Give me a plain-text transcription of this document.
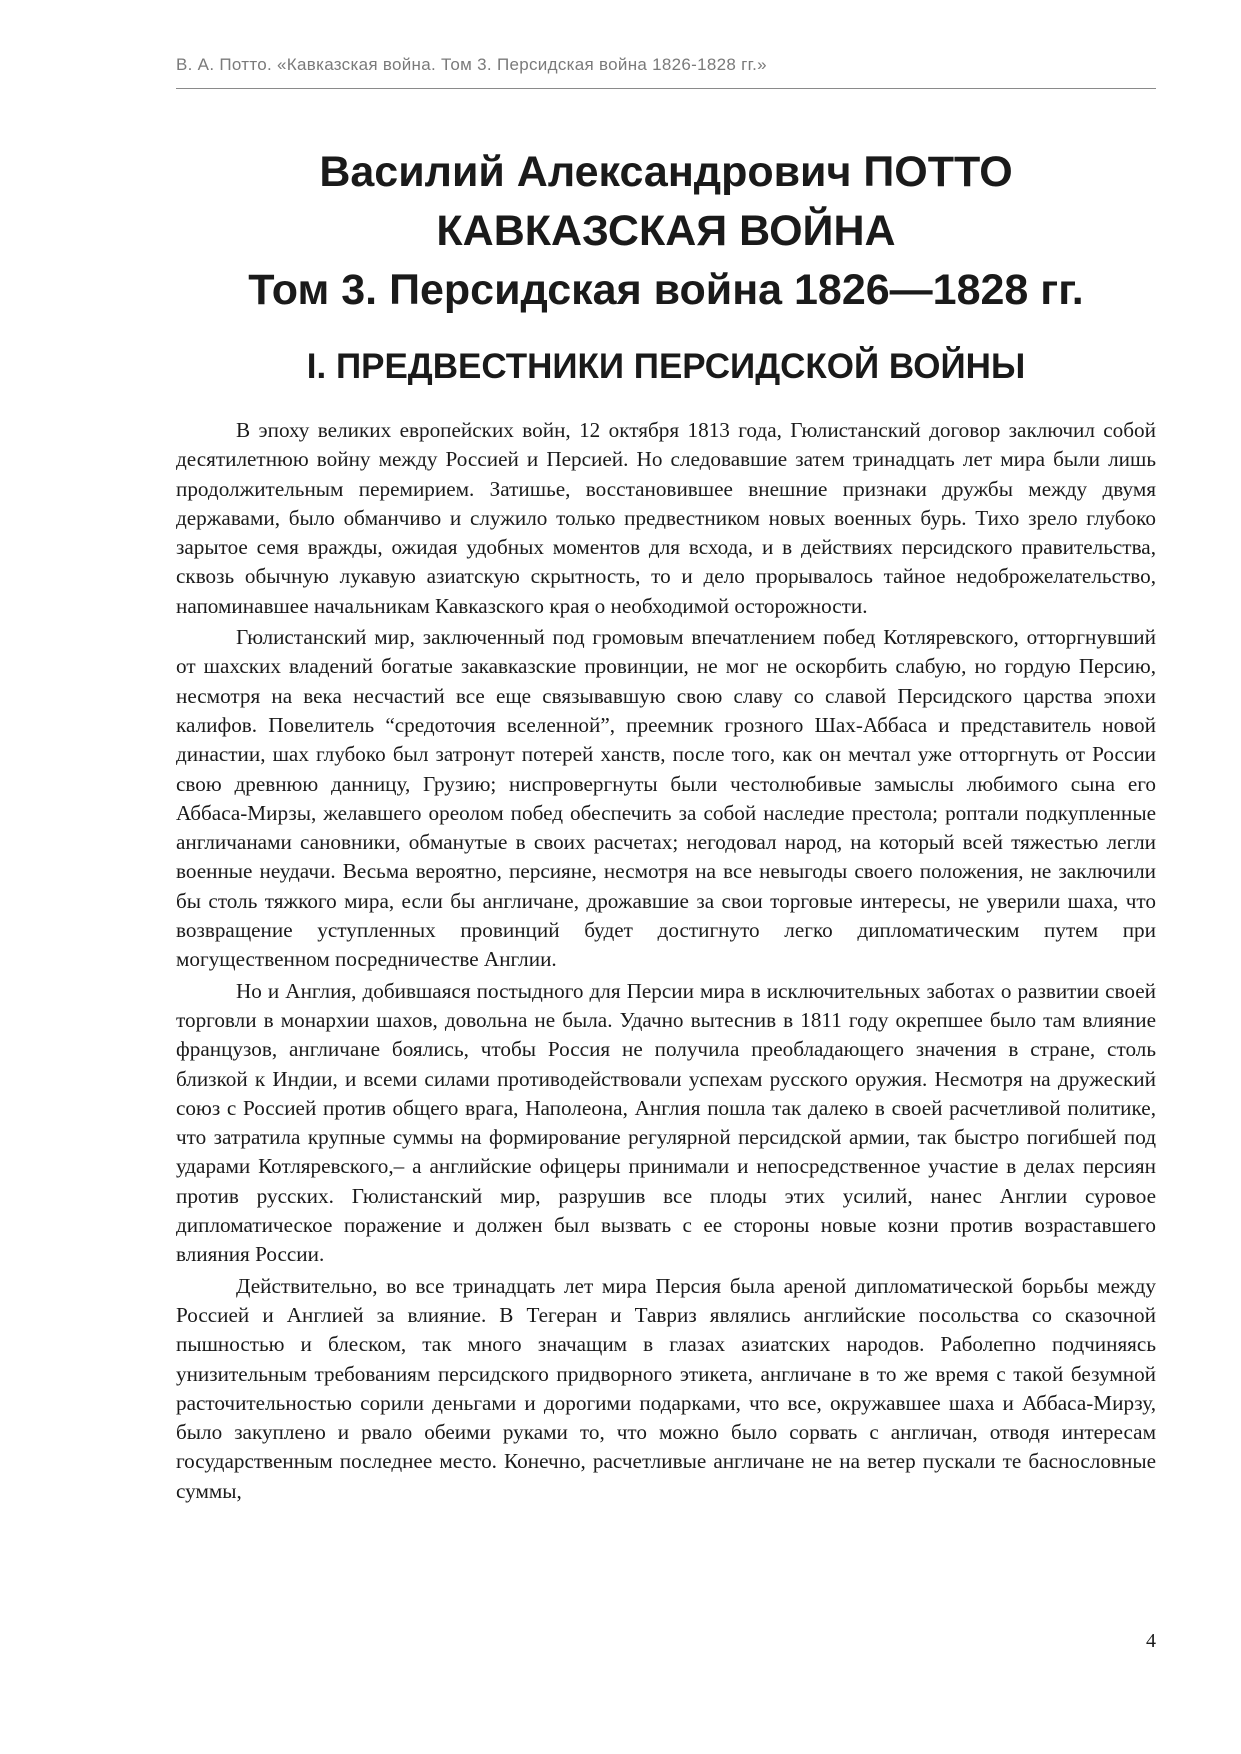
В. А. Потто. «Кавказская война. Том 3. Персидская война 1826-1828 гг.»
Василий Александрович ПОТТО
КАВКАЗСКАЯ ВОЙНА
Том 3. Персидская война 1826—1828 гг.
I. ПРЕДВЕСТНИКИ ПЕРСИДСКОЙ ВОЙНЫ

В эпоху великих европейских войн, 12 октября 1813 года, Гюлистанский договор заключил собой десятилетнюю войну между Россией и Персией. Но следовавшие затем тринадцать лет мира были лишь продолжительным перемирием. Затишье, восстановившее внешние признаки дружбы между двумя державами, было обманчиво и служило только предвестником новых военных бурь. Тихо зрело глубоко зарытое семя вражды, ожидая удобных моментов для всхода, и в действиях персидского правительства, сквозь обычную лукавую азиатскую скрытность, то и дело прорывалось тайное недоброжелательство, напоминавшее начальникам Кавказского края о необходимой осторожности.

Гюлистанский мир, заключенный под громовым впечатлением побед Котляревского, отторгнувший от шахских владений богатые закавказские провинции, не мог не оскорбить слабую, но гордую Персию, несмотря на века несчастий все еще связывавшую свою славу со славой Персидского царства эпохи калифов. Повелитель “средоточия вселенной”, преемник грозного Шах-Аббаса и представитель новой династии, шах глубоко был затронут потерей ханств, после того, как он мечтал уже отторгнуть от России свою древнюю данницу, Грузию; ниспровергнуты были честолюбивые замыслы любимого сына его Аббаса-Мирзы, желавшего ореолом побед обеспечить за собой наследие престола; роптали подкупленные англичанами сановники, обманутые в своих расчетах; негодовал народ, на который всей тяжестью легли военные неудачи. Весьма вероятно, персияне, несмотря на все невыгоды своего положения, не заключили бы столь тяжкого мира, если бы англичане, дрожавшие за свои торговые интересы, не уверили шаха, что возвращение уступленных провинций будет достигнуто легко дипломатическим путем при могущественном посредничестве Англии.

Но и Англия, добившаяся постыдного для Персии мира в исключительных заботах о развитии своей торговли в монархии шахов, довольна не была. Удачно вытеснив в 1811 году окрепшее было там влияние французов, англичане боялись, чтобы Россия не получила преобладающего значения в стране, столь близкой к Индии, и всеми силами противодействовали успехам русского оружия. Несмотря на дружеский союз с Россией против общего врага, Наполеона, Англия пошла так далеко в своей расчетливой политике, что затратила крупные суммы на формирование регулярной персидской армии, так быстро погибшей под ударами Котляревского,– а английские офицеры принимали и непосредственное участие в делах персиян против русских. Гюлистанский мир, разрушив все плоды этих усилий, нанес Англии суровое дипломатическое поражение и должен был вызвать с ее стороны новые козни против возраставшего влияния России.

Действительно, во все тринадцать лет мира Персия была ареной дипломатической борьбы между Россией и Англией за влияние. В Тегеран и Тавриз являлись английские посольства со сказочной пышностью и блеском, так много значащим в глазах азиатских народов. Раболепно подчиняясь унизительным требованиям персидского придворного этикета, англичане в то же время с такой безумной расточительностью сорили деньгами и дорогими подарками, что все, окружавшее шаха и Аббаса-Мирзу, было закуплено и рвало обеими руками то, что можно было сорвать с англичан, отводя интересам государственным последнее место. Конечно, расчетливые англичане не на ветер пускали те баснословные суммы,

4
